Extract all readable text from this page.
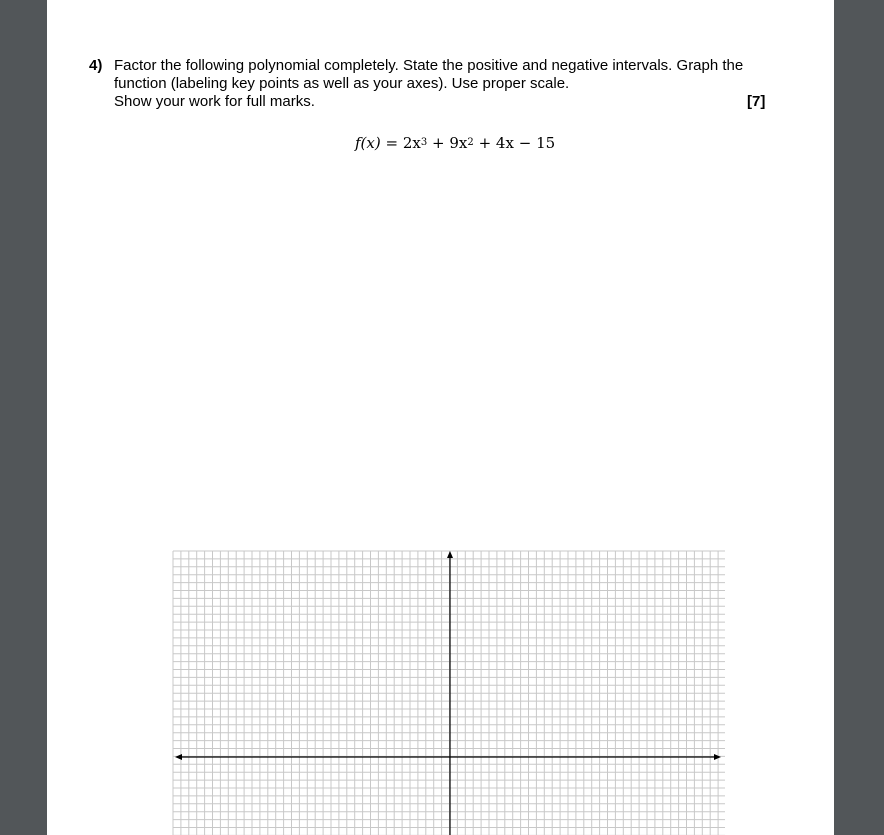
4) Factor the following polynomial completely. State the positive and negative intervals. Graph the
function (labeling key points as well as your axes). Use proper scale.
Show your work for full marks.	[7]
$f(x) = 2x^3 + 9x^2 + 4x - 15$
